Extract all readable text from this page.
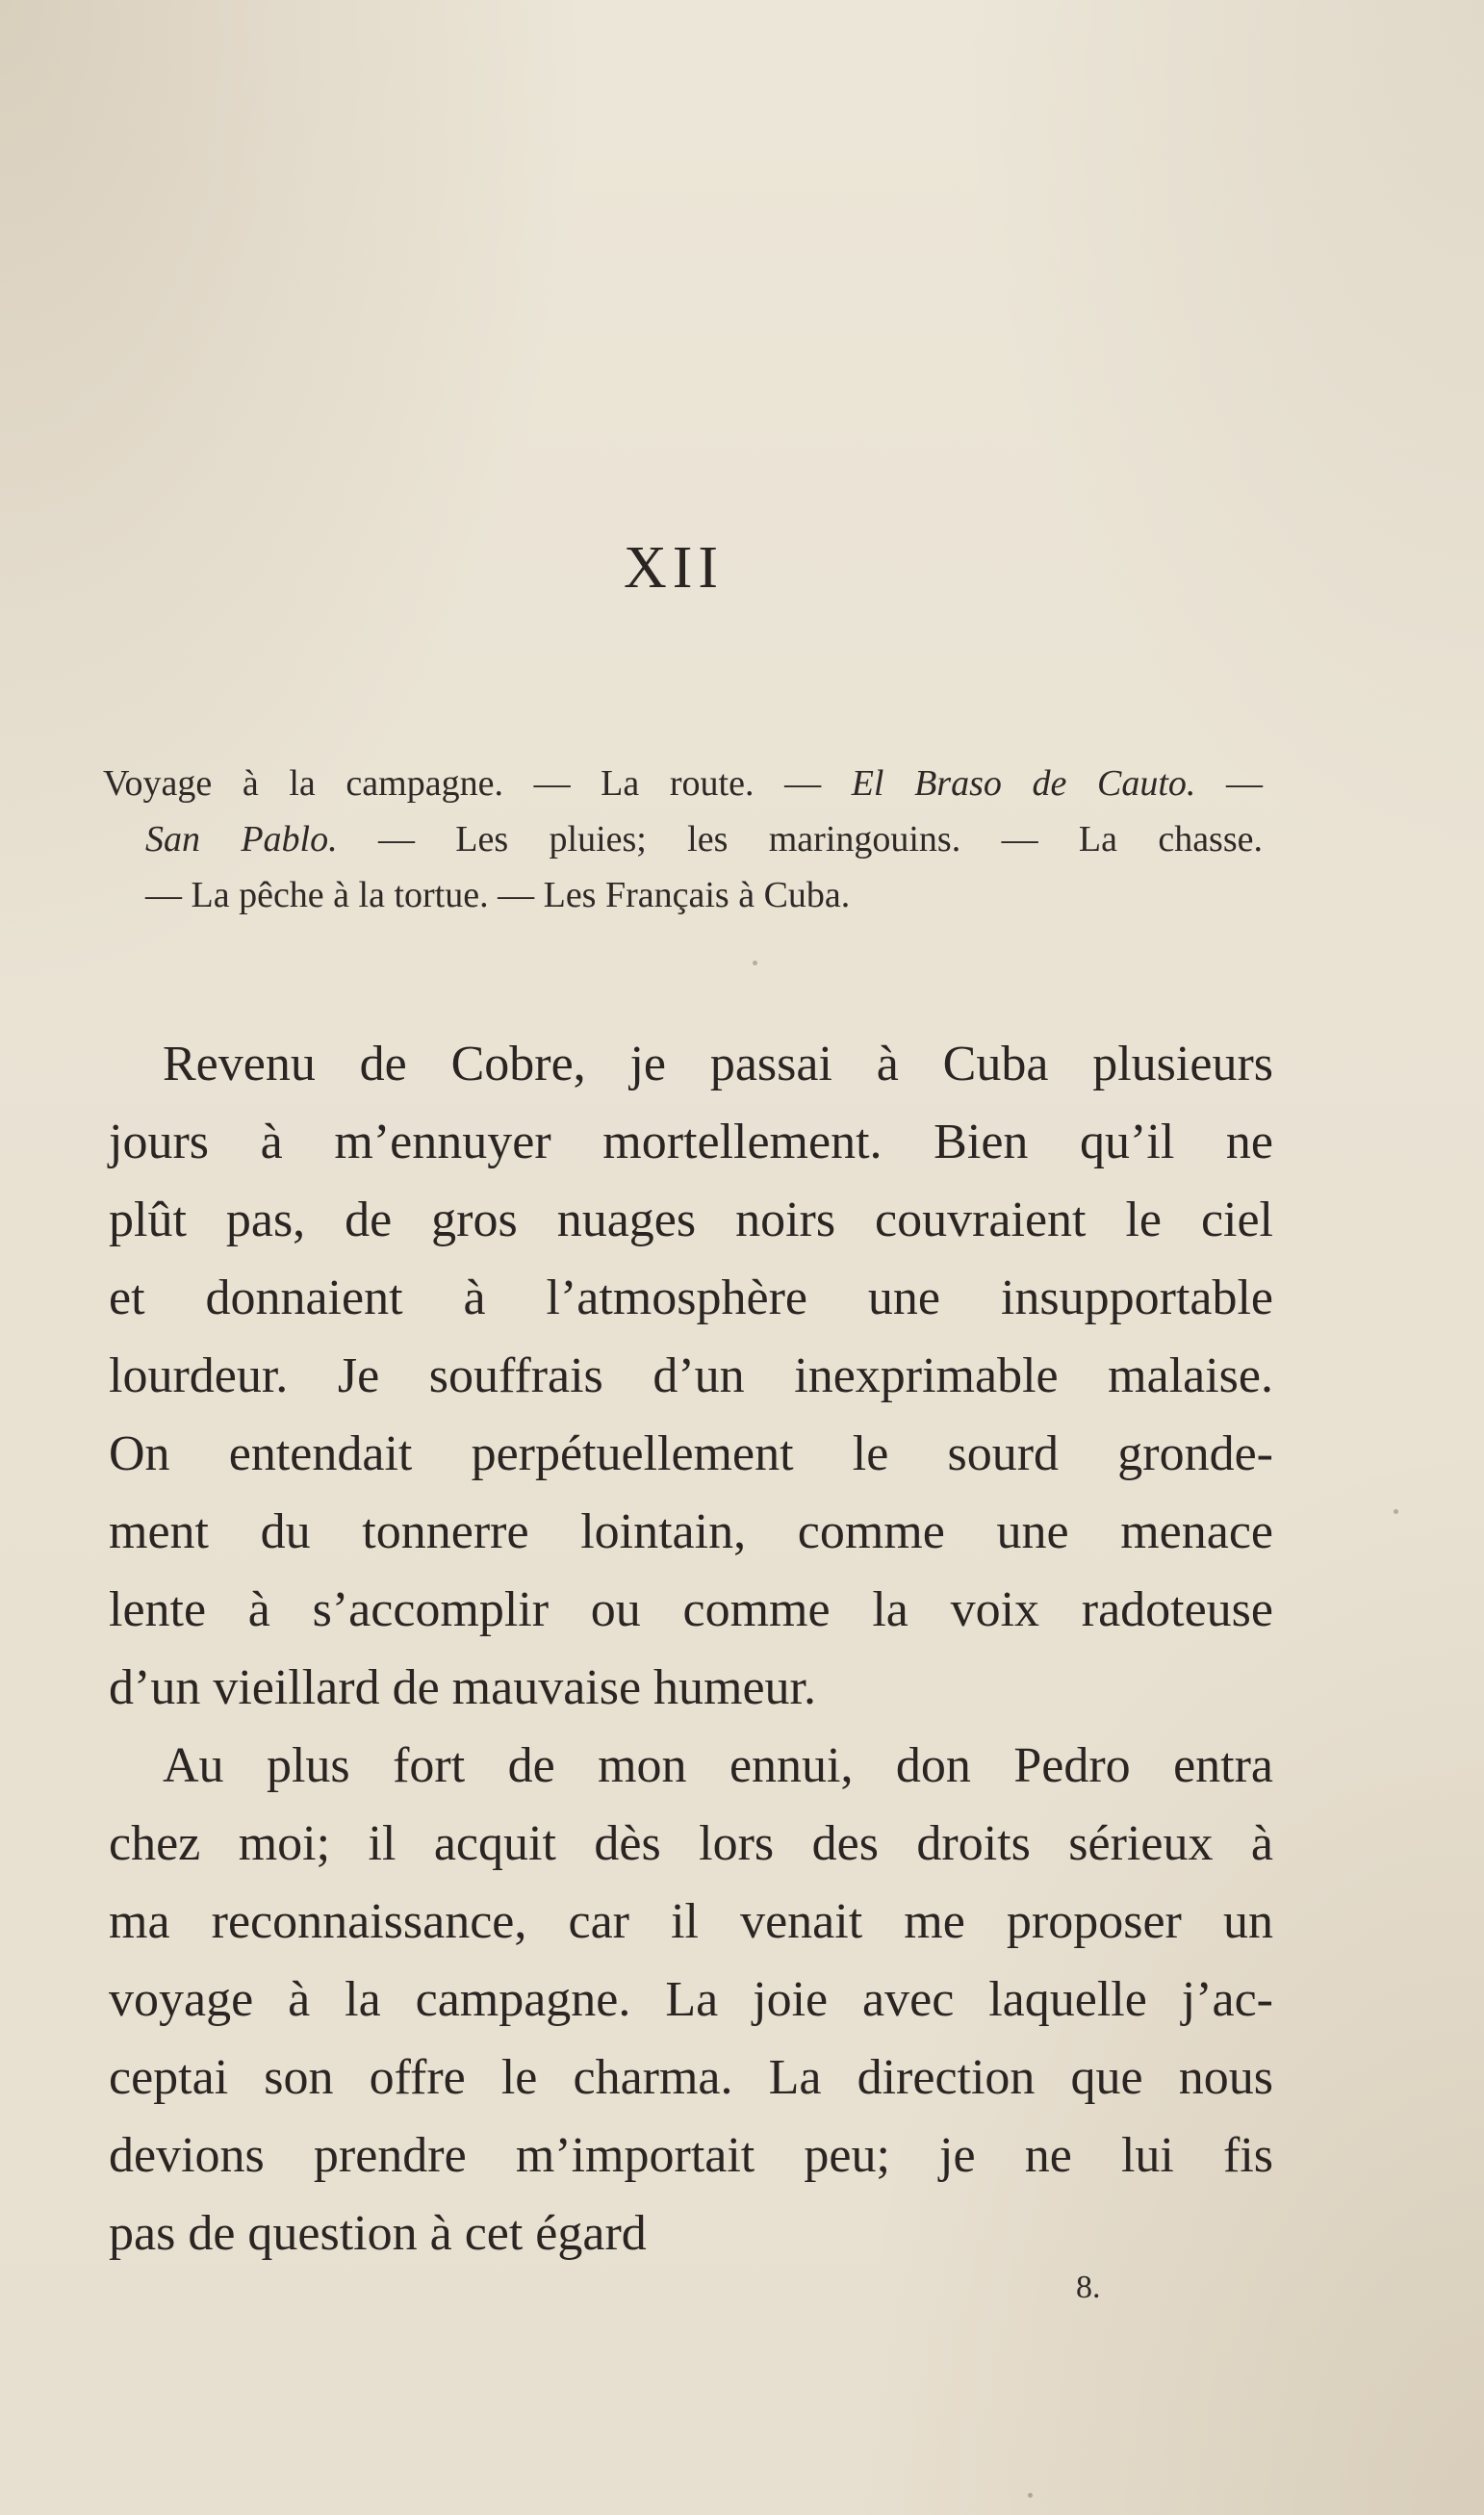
XII
Voyage à la campagne. — La route. — El Braso de Cauto. —
San Pablo. — Les pluies; les maringouins. — La chasse.
— La pêche à la tortue. — Les Français à Cuba.
Revenu de Cobre, je passai à Cuba plusieurs
jours à m’ennuyer mortellement. Bien qu’il ne
plût pas, de gros nuages noirs couvraient le ciel
et donnaient à l’atmosphère une insupportable
lourdeur. Je souffrais d’un inexprimable malaise.
On entendait perpétuellement le sourd gronde-
ment du tonnerre lointain, comme une menace
lente à s’accomplir ou comme la voix radoteuse
d’un vieillard de mauvaise humeur.
Au plus fort de mon ennui, don Pedro entra
chez moi; il acquit dès lors des droits sérieux à
ma reconnaissance, car il venait me proposer un
voyage à la campagne. La joie avec laquelle j’ac-
ceptai son offre le charma. La direction que nous
devions prendre m’importait peu; je ne lui fis
pas de question à cet égard
8.
